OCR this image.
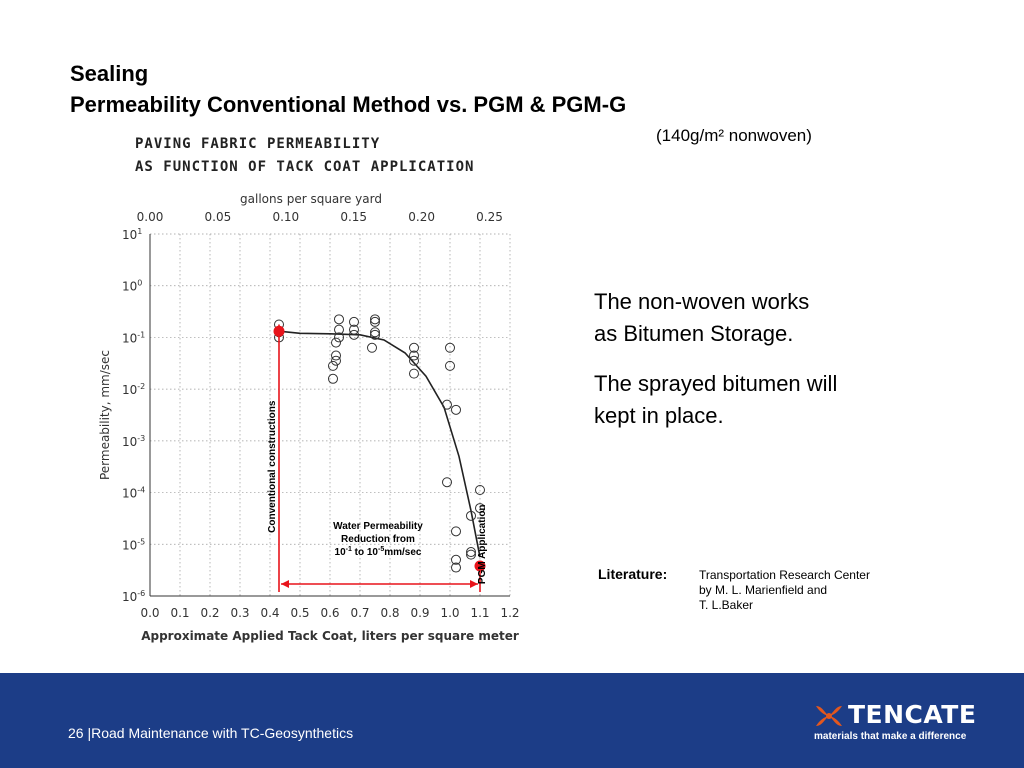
Sealing
Permeability Conventional Method vs. PGM & PGM-G
(140g/m² nonwoven)
The non-woven works
as Bitumen Storage.
The sprayed bitumen will
kept in place.
Literature:	Transportation Research Center
by M. L. Marienfield and
T. L.Baker
PAVING FABRIC PERMEABILITY
AS FUNCTION OF TACK COAT APPLICATION
0.0 0.1 0.2 0.3 0.4 0.5 0.6 0.7 0.8 0.9 1.0 1.1 1.2
gallons per square yard
0.00	0.05	0.10	0.15	0.20	0.25
$10^1$
$10^0$
$10^{-1}$
$10^{-2}$
$10^{-3}$
$10^{-4}$
$10^{-5}$
$10^{-6}$
Approximate Applied Tack Coat, liters per square meter
Permeability, mm/sec	Conventional constructions
PGM Application
Water Permeability
Reduction from
$10^{-1}$ to $10^{-5}mm/\sec$
26 |Road Maintenance with TC-Geosynthetics
TENCATE
materials that make a difference
